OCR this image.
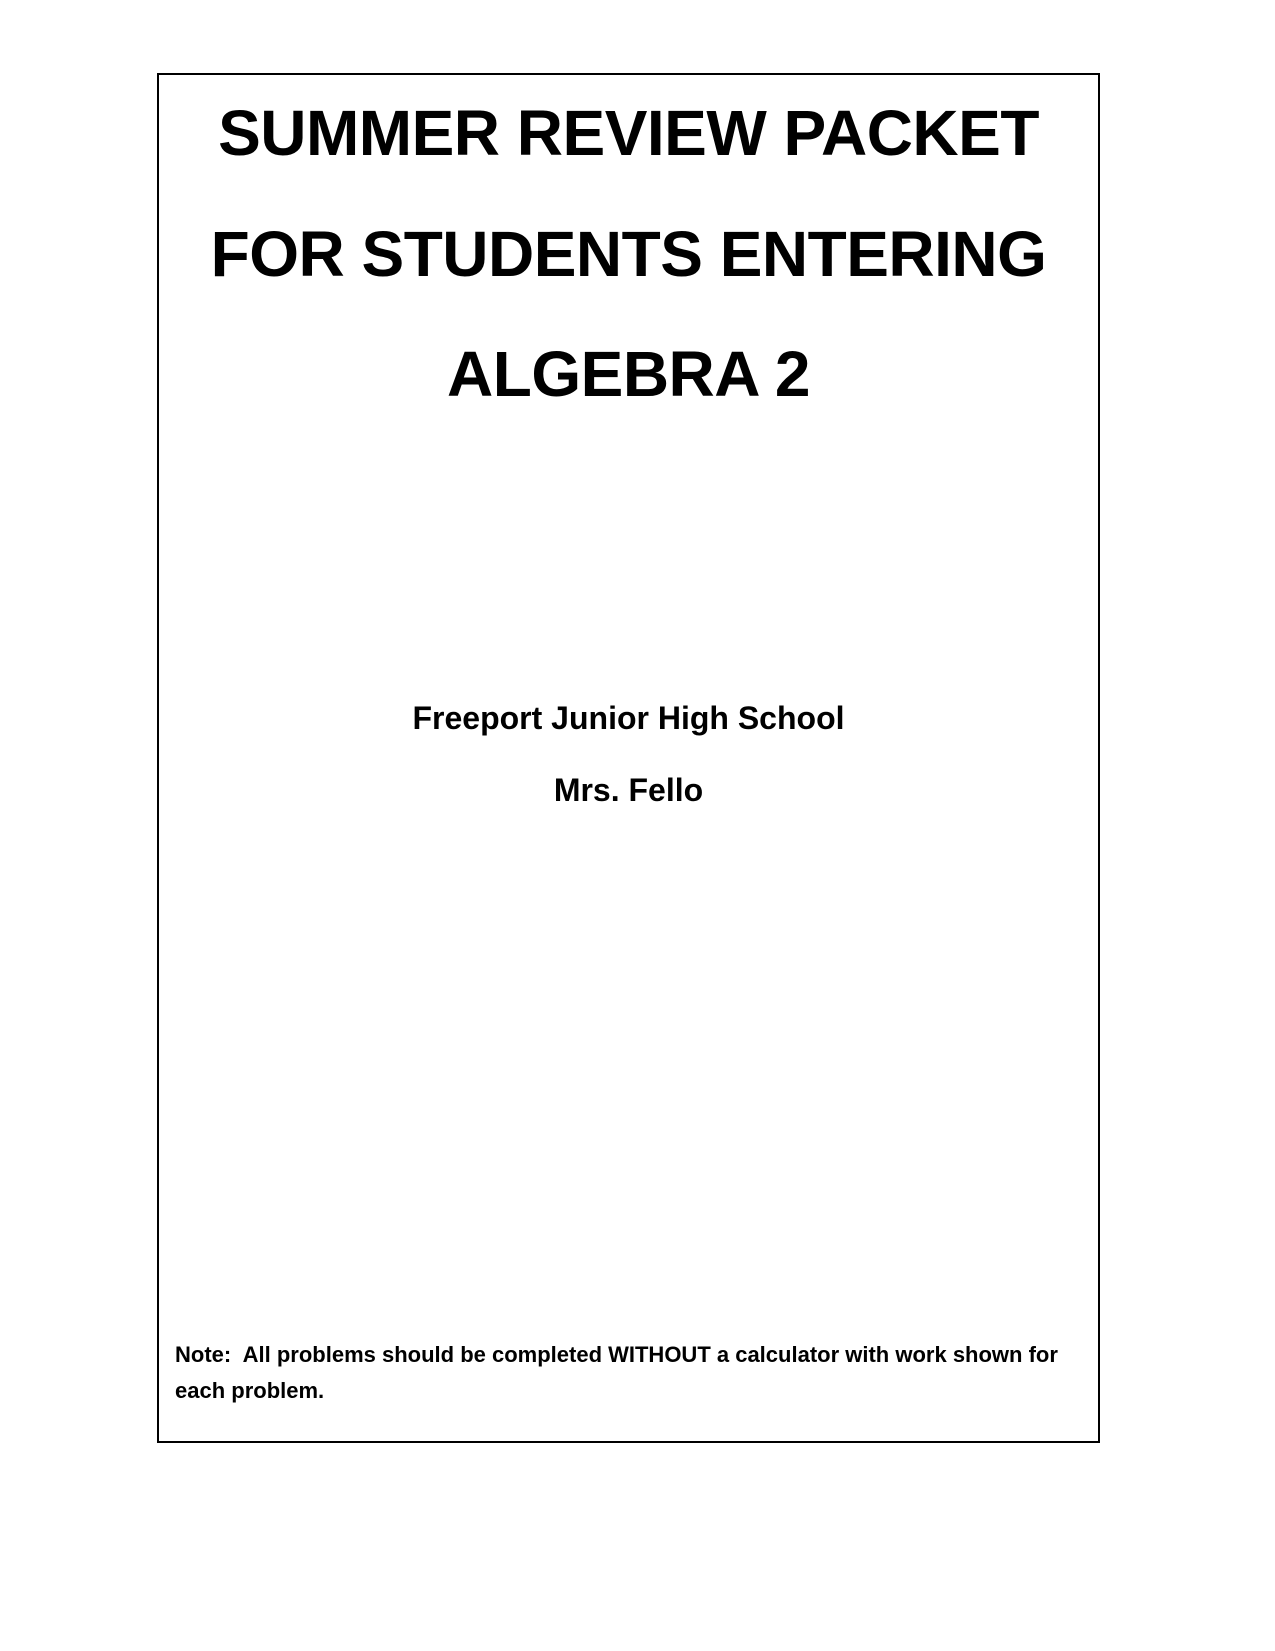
SUMMER REVIEW PACKET
FOR STUDENTS ENTERING
ALGEBRA 2
Freeport Junior High School
Mrs. Fello
Note:  All problems should be completed WITHOUT a calculator with work shown for each problem.
